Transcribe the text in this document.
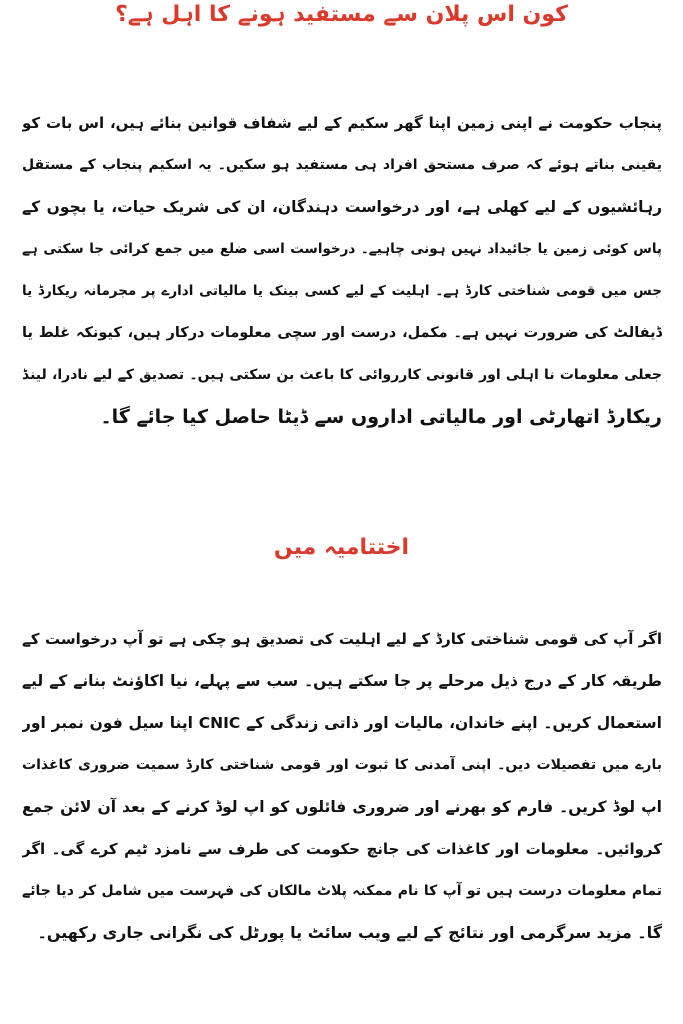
کون اس پلان سے مستفید ہونے کا اہل ہے؟
پنجاب حکومت نے اپنی زمین اپنا گھر سکیم کے لیے شفاف قوانین بنائے ہیں، اس بات کو
یقینی بناتے ہوئے کہ صرف مستحق افراد ہی مستفید ہو سکیں۔ یہ اسکیم پنجاب کے مستقل
رہائشیوں کے لیے کھلی ہے، اور درخواست دہندگان، ان کی شریک حیات، یا بچوں کے
پاس کوئی زمین یا جائیداد نہیں ہونی چاہیے۔ درخواست اسی ضلع میں جمع کرائی جا سکتی ہے
جس میں قومی شناختی کارڈ ہے۔ اہلیت کے لیے کسی بینک یا مالیاتی ادارے پر مجرمانہ ریکارڈ یا
ڈیفالٹ کی ضرورت نہیں ہے۔ مکمل، درست اور سچی معلومات درکار ہیں، کیونکہ غلط یا
جعلی معلومات نا اہلی اور قانونی کارروائی کا باعث بن سکتی ہیں۔ تصدیق کے لیے نادرا، لینڈ
ریکارڈ اتھارٹی اور مالیاتی اداروں سے ڈیٹا حاصل کیا جائے گا۔
اختتامیہ میں
اگر آپ کی قومی شناختی کارڈ کے لیے اہلیت کی تصدیق ہو چکی ہے تو آپ درخواست کے
طریقہ کار کے درج ذیل مرحلے پر جا سکتے ہیں۔ سب سے پہلے، نیا اکاؤنٹ بنانے کے لیے
استعمال کریں۔ اپنے خاندان، مالیات اور ذاتی زندگی کے CNIC اپنا سیل فون نمبر اور
بارے میں تفصیلات دیں۔ اپنی آمدنی کا ثبوت اور قومی شناختی کارڈ سمیت ضروری کاغذات
اپ لوڈ کریں۔ فارم کو بھرنے اور ضروری فائلوں کو اپ لوڈ کرنے کے بعد آن لائن جمع
کروائیں۔ معلومات اور کاغذات کی جانچ حکومت کی طرف سے نامزد ٹیم کرے گی۔ اگر
تمام معلومات درست ہیں تو آپ کا نام ممکنہ پلاٹ مالکان کی فہرست میں شامل کر دیا جائے
گا۔ مزید سرگرمی اور نتائج کے لیے ویب سائٹ یا پورٹل کی نگرانی جاری رکھیں۔
